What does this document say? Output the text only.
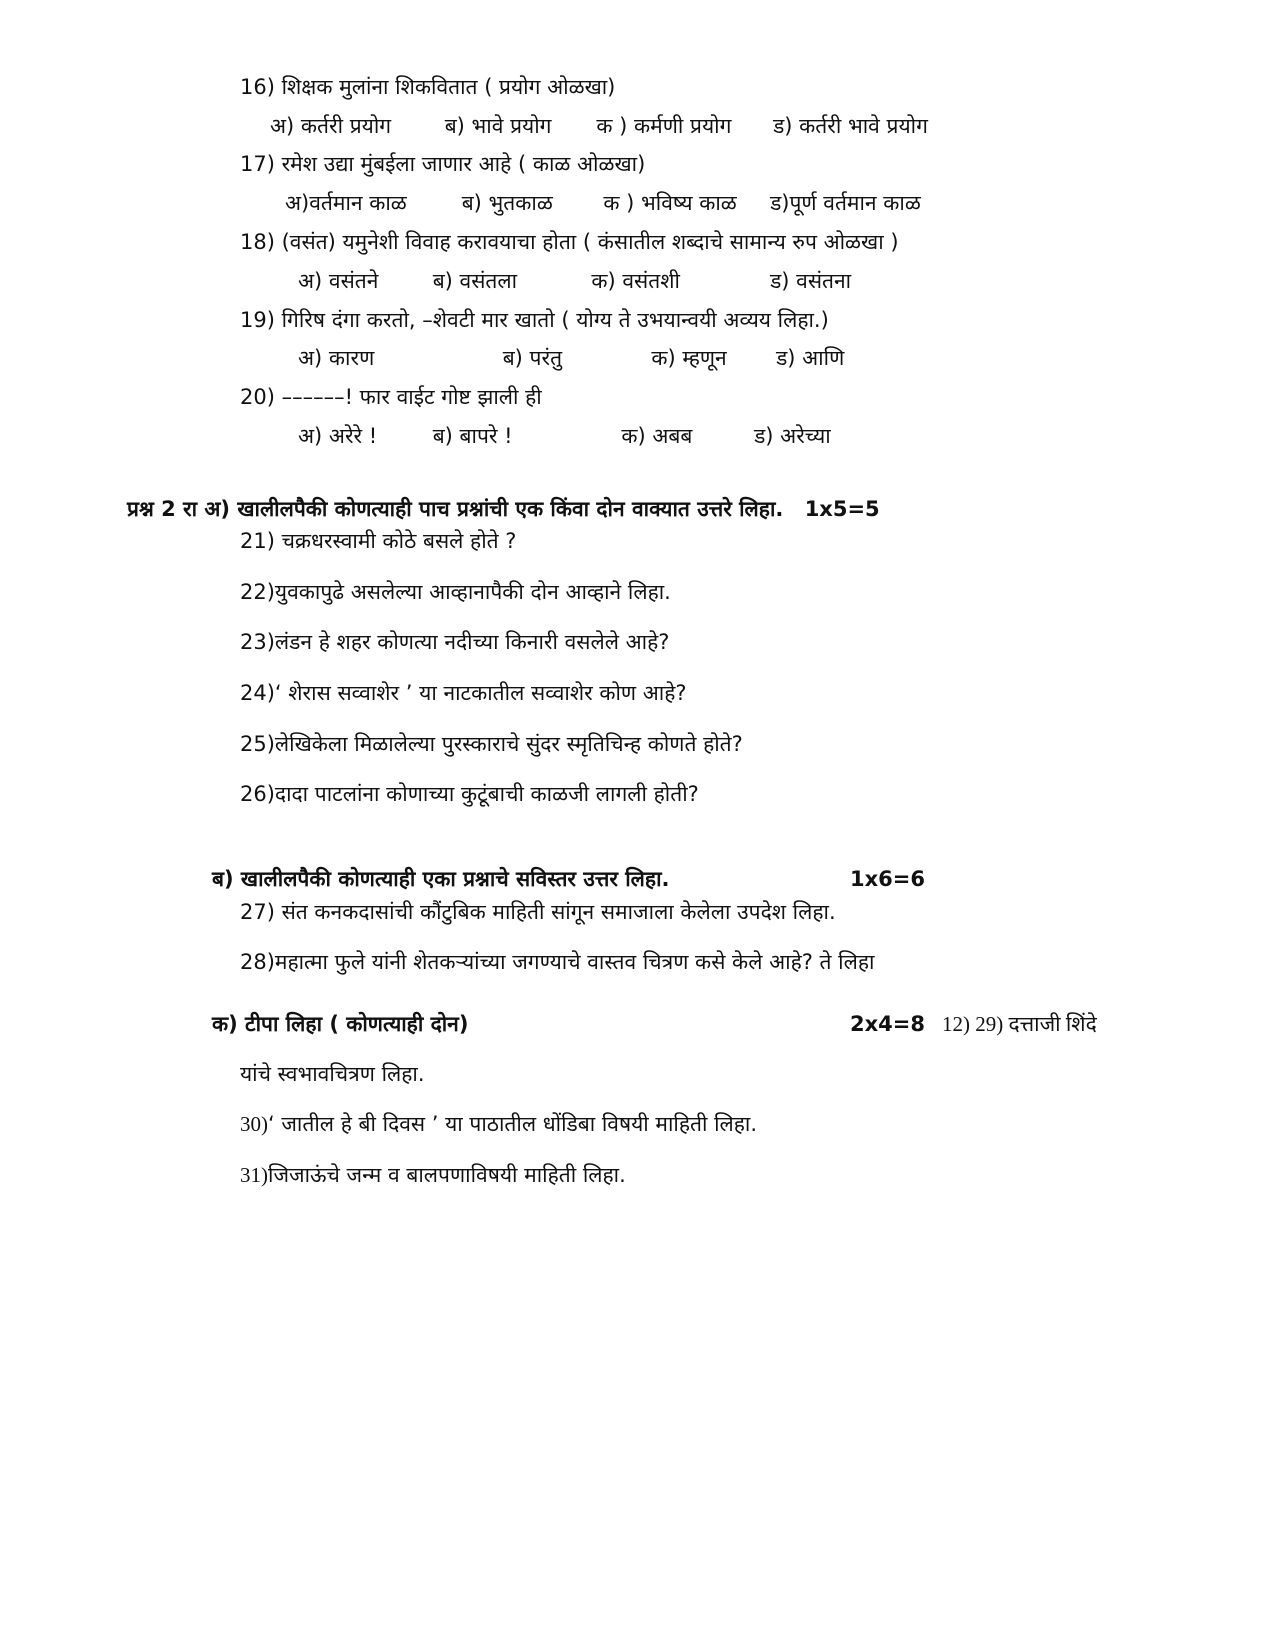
16) शिक्षक मुलांना शिकवितात ( प्रयोग ओळखा)
अ) कर्तरी प्रयोग	ब) भावे प्रयोग क ) कर्मणी प्रयोग ड) कर्तरी भावे प्रयोग
17) रमेश उद्या मुंबईला जाणार आहे ( काळ ओळखा)
अ)वर्तमान काळ	ब) भुतकाळ क ) भविष्य काळ ड)पूर्ण वर्तमान काळ
18) (वसंत) यमुनेशी विवाह करावयाचा होता ( कंसातील शब्दाचे सामान्य रुप ओळखा )
अ) वसंतने	ब) वसंतला	क) वसंतशी	ड) वसंतना
19) गिरिष दंगा करतो, –शेवटी मार खातो ( योग्य ते उभयान्वयी अव्यय लिहा.)
अ) कारण	ब) परंतु	क) म्हणून ड) आणि
20) ––––––! फार वाईट गोष्ट झाली ही
अ) अरेरे !	ब) बापरे !	क) अबब	ड) अरेच्या
प्रश्न 2 रा अ) खालीलपैकी कोणत्याही पाच प्रश्नांची एक किंवा दोन वाक्यात उत्तरे लिहा. 1x5=5
21) चक्रधरस्वामी कोठे बसले होते ?
22)युवकापुढे असलेल्या आव्हानापैकी दोन आव्हाने लिहा.
23)लंडन हे शहर कोणत्या नदीच्या किनारी वसलेले आहे?
24)‘ शेरास सव्वाशेर ’ या नाटकातील सव्वाशेर कोण आहे?
25)लेखिकेला मिळालेल्या पुरस्काराचे सुंदर स्मृतिचिन्ह कोणते होते?
26)दादा पाटलांना कोणाच्या कुटूंबाची काळजी लागली होती?
ब) खालीलपैकी कोणत्याही एका प्रश्नाचे सविस्तर उत्तर लिहा.	1x6=6
27) संत कनकदासांची कौंटुबिक माहिती सांगून समाजाला केलेला उपदेश लिहा.
28)महात्मा फुले यांनी शेतकऱ्यांच्या जगण्याचे वास्तव चित्रण कसे केले आहे? ते लिहा
क) टीपा लिहा ( कोणत्याही दोन)	2x4=8 12) 29) दत्ताजी शिंदे
यांचे स्वभावचित्रण लिहा.
30)‘ जातील हे बी दिवस ’ या पाठातील धोंडिबा विषयी माहिती लिहा.
31)जिजाऊंचे जन्म व बालपणाविषयी माहिती लिहा.
